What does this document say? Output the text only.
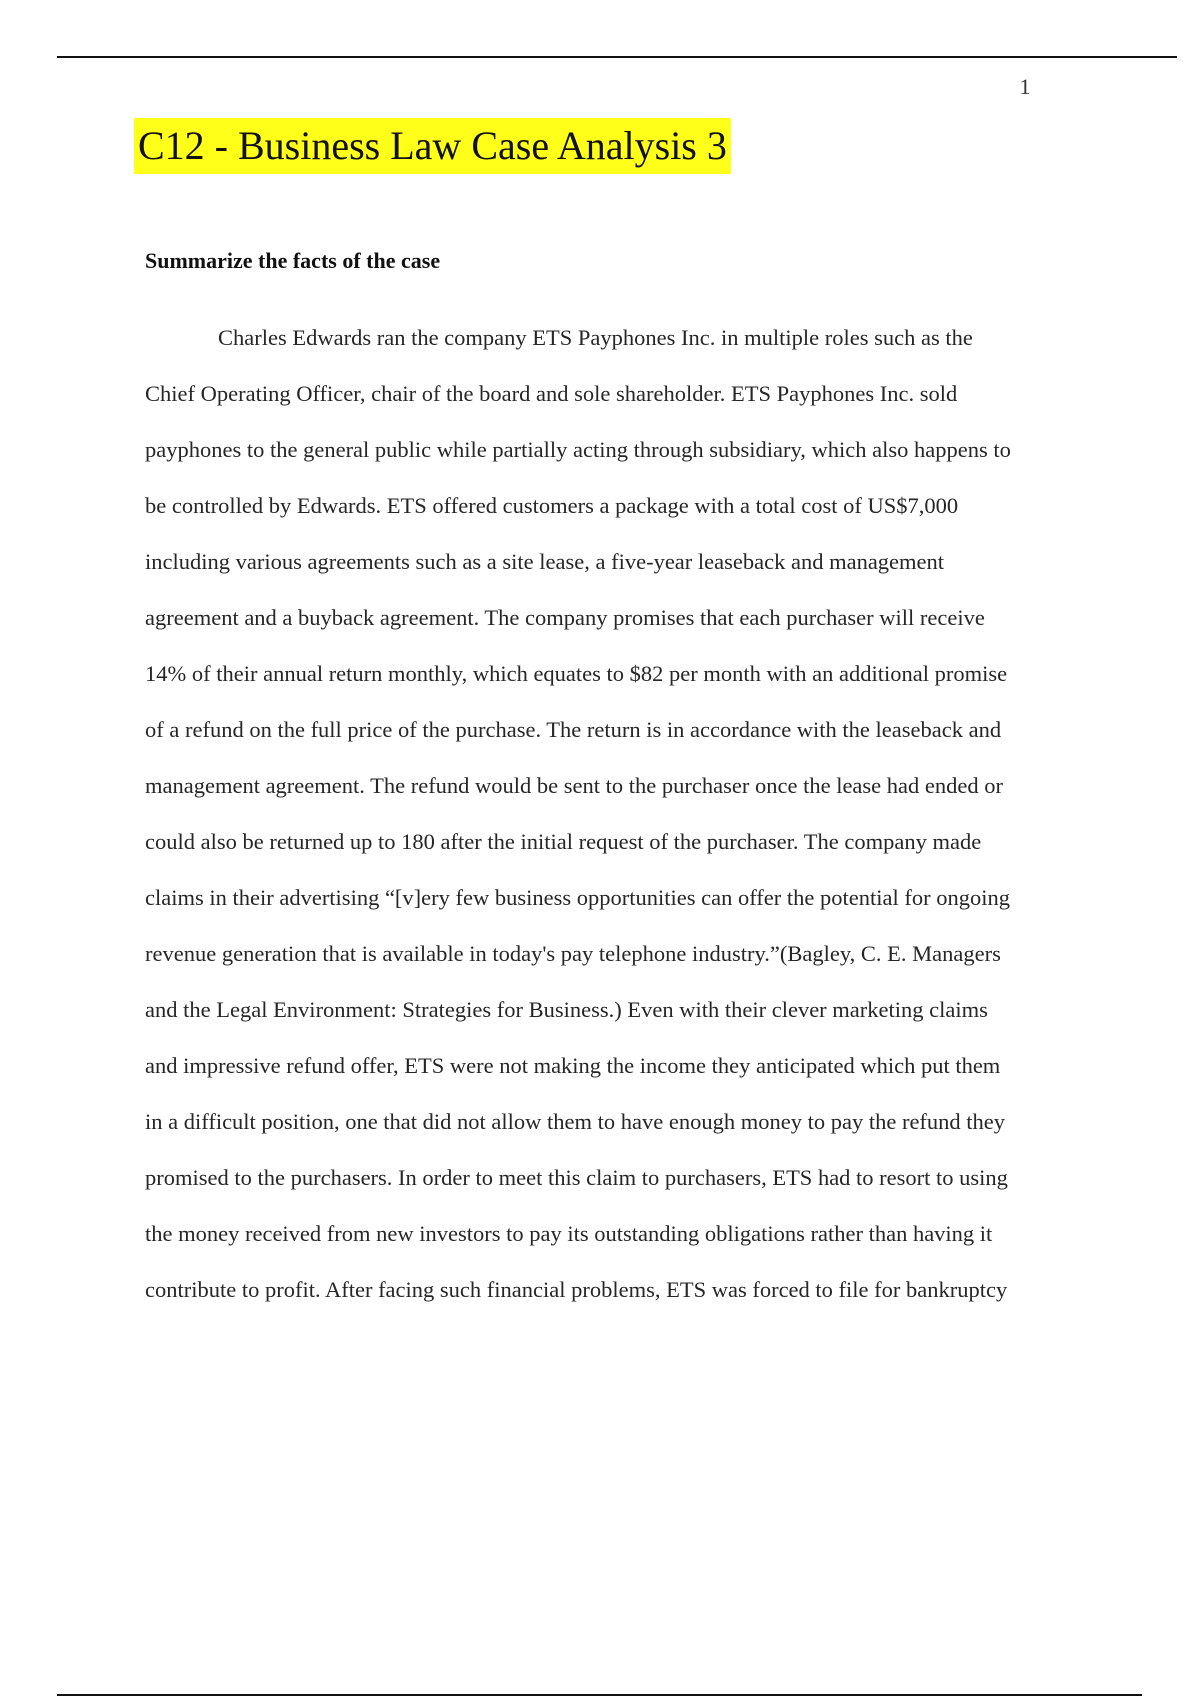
1
C12 - Business Law Case Analysis 3
Summarize the facts of the case
Charles Edwards ran the company ETS Payphones Inc. in multiple roles such as the
Chief Operating Officer, chair of the board and sole shareholder. ETS Payphones Inc. sold
payphones to the general public while partially acting through subsidiary, which also happens to
be controlled by Edwards. ETS offered customers a package with a total cost of US$7,000
including various agreements such as a site lease, a five-year leaseback and management
agreement and a buyback agreement. The company promises that each purchaser will receive
14% of their annual return monthly, which equates to $82 per month with an additional promise
of a refund on the full price of the purchase. The return is in accordance with the leaseback and
management agreement. The refund would be sent to the purchaser once the lease had ended or
could also be returned up to 180 after the initial request of the purchaser. The company made
claims in their advertising “[v]ery few business opportunities can offer the potential for ongoing
revenue generation that is available in today's pay telephone industry.”(Bagley, C. E. Managers
and the Legal Environment: Strategies for Business.) Even with their clever marketing claims
and impressive refund offer, ETS were not making the income they anticipated which put them
in a difficult position, one that did not allow them to have enough money to pay the refund they
promised to the purchasers. In order to meet this claim to purchasers, ETS had to resort to using
the money received from new investors to pay its outstanding obligations rather than having it
contribute to profit. After facing such financial problems, ETS was forced to file for bankruptcy
